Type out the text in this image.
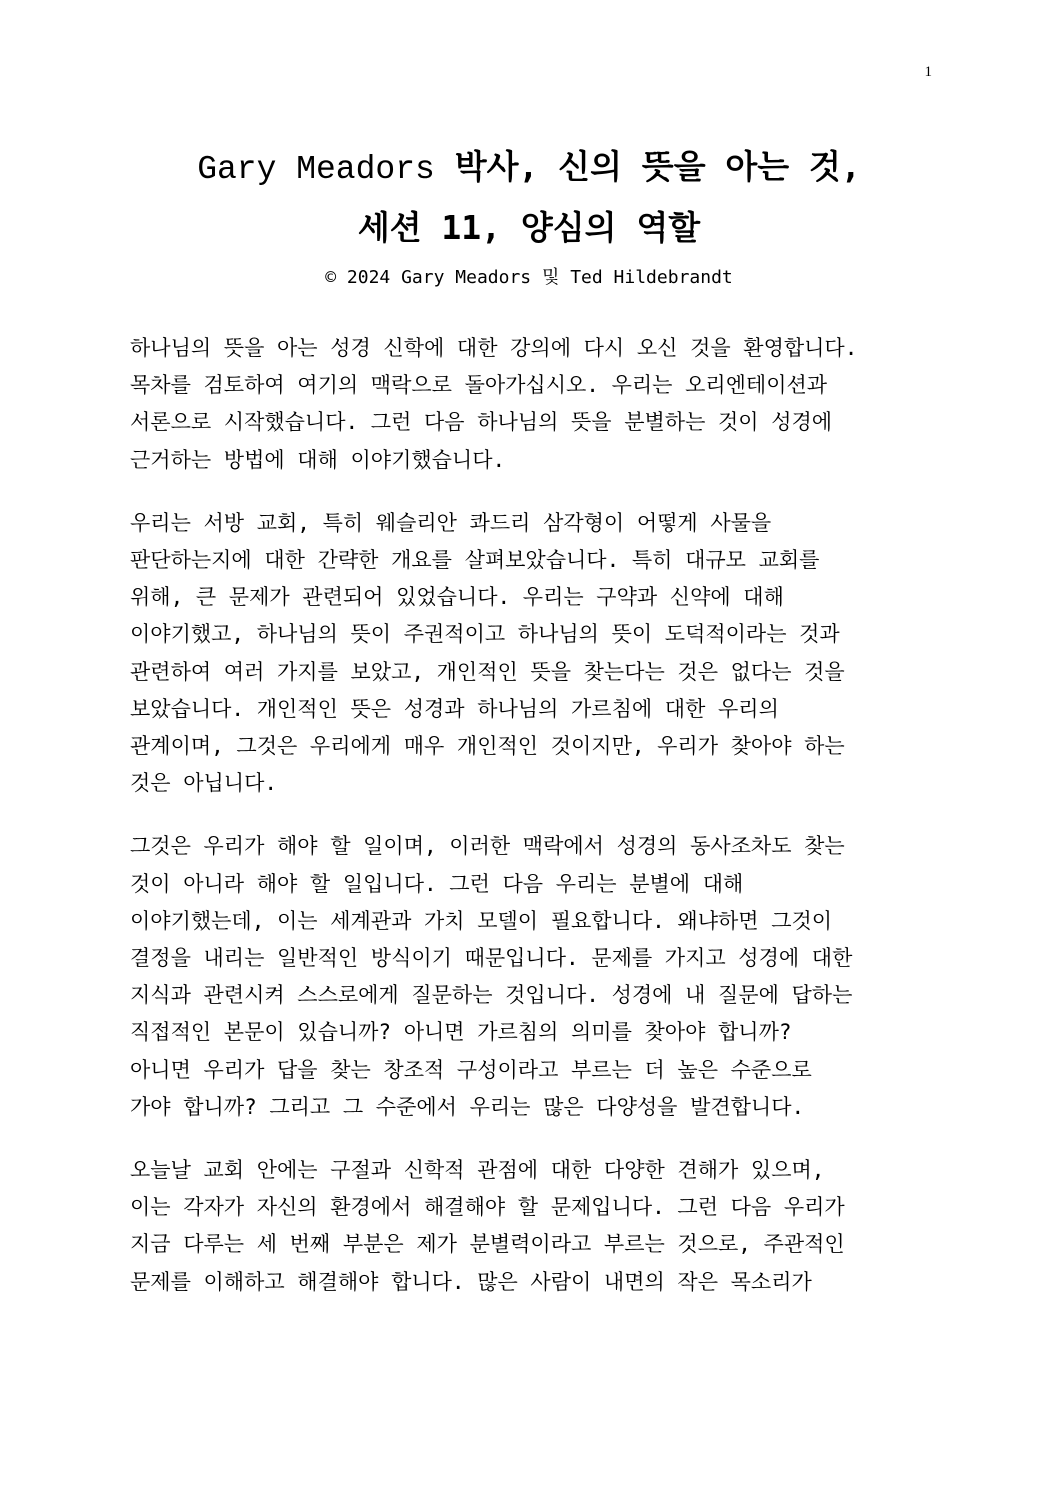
1
Gary Meadors 박사, 신의 뜻을 아는 것,
세션 11, 양심의 역할
© 2024 Gary Meadors 및 Ted Hildebrandt
하나님의 뜻을 아는 성경 신학에 대한 강의에 다시 오신 것을 환영합니다.
목차를 검토하여 여기의 맥락으로 돌아가십시오. 우리는 오리엔테이션과
서론으로 시작했습니다. 그런 다음 하나님의 뜻을 분별하는 것이 성경에
근거하는 방법에 대해 이야기했습니다.
우리는 서방 교회, 특히 웨슬리안 콰드리 삼각형이 어떻게 사물을
판단하는지에 대한 간략한 개요를 살펴보았습니다. 특히 대규모 교회를
위해, 큰 문제가 관련되어 있었습니다. 우리는 구약과 신약에 대해
이야기했고, 하나님의 뜻이 주권적이고 하나님의 뜻이 도덕적이라는 것과
관련하여 여러 가지를 보았고, 개인적인 뜻을 찾는다는 것은 없다는 것을
보았습니다. 개인적인 뜻은 성경과 하나님의 가르침에 대한 우리의
관계이며, 그것은 우리에게 매우 개인적인 것이지만, 우리가 찾아야 하는
것은 아닙니다.
그것은 우리가 해야 할 일이며, 이러한 맥락에서 성경의 동사조차도 찾는
것이 아니라 해야 할 일입니다. 그런 다음 우리는 분별에 대해
이야기했는데, 이는 세계관과 가치 모델이 필요합니다. 왜냐하면 그것이
결정을 내리는 일반적인 방식이기 때문입니다. 문제를 가지고 성경에 대한
지식과 관련시켜 스스로에게 질문하는 것입니다. 성경에 내 질문에 답하는
직접적인 본문이 있습니까? 아니면 가르침의 의미를 찾아야 합니까?
아니면 우리가 답을 찾는 창조적 구성이라고 부르는 더 높은 수준으로
가야 합니까? 그리고 그 수준에서 우리는 많은 다양성을 발견합니다.
오늘날 교회 안에는 구절과 신학적 관점에 대한 다양한 견해가 있으며,
이는 각자가 자신의 환경에서 해결해야 할 문제입니다. 그런 다음 우리가
지금 다루는 세 번째 부분은 제가 분별력이라고 부르는 것으로, 주관적인
문제를 이해하고 해결해야 합니다. 많은 사람이 내면의 작은 목소리가
